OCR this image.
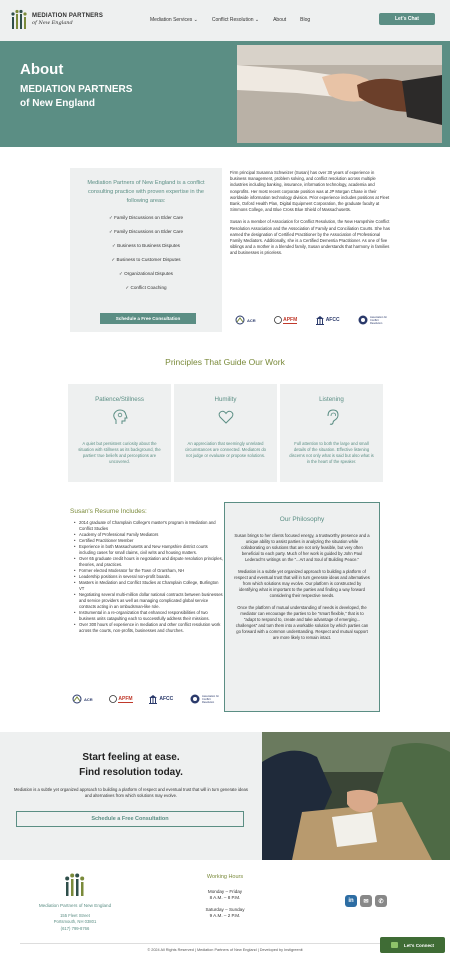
MEDIATION PARTNERS
of New England	Mediation Services ⌄	Conflict Resolution ⌄	About	Blog	Let's Chat
About
MEDIATION PARTNERS
of New England

Mediation Partners of New England is a conflict consulting practice with proven expertise in the following areas:

✓ Family Discussions on Elder Care
✓ Family Discussions on Elder Care
✓ Business to Business Disputes
✓ Business to Customer Disputes
✓ Organizational Disputes
✓ Conflict Coaching
Schedule a Free Consultation

Firm principal Susanna Schweizer (Susan) has over 30 years of experience in business management, problem solving, and conflict resolution across multiple industries including banking, insurance, information technology, academia and nonprofits. Her most recent corporate position was at JP Morgan Chase in their worldwide information technology division. Prior experience includes positions at Fleet Bank, Oxford Health Plan, Digital Equipment Corporation, the graduate faculty at Simmons College, and Blue Cross Blue Shield of Massachusetts.

Susan is a member of Association for Conflict Resolution, the New Hampshire Conflict Resolution Association and the Association of Family and Conciliation Courts. She has earned the designation of Certified Practitioner by the Association of Professional Family Mediators. Additionally, she is a Certified Dementia Practitioner. As one of five siblings and a mother in a blended family, Susan understands that harmony in families and businesses is priceless.

ACR	APFM	AFCC	Association for Conflict Resolution
Principles That Guide Our Work
Patience/Stillness

A quiet but persistent curiosity about the situation with stillness as its background, the parties' true beliefs and perceptions are uncovered.

Humility

An appreciation that seemingly unrelated circumstances are connected. Mediators do not judge or evaluate or propose solutions.

Listening

Full attention to both the large and small details of the situation. Effective listening discerns not only what is said but also what is in the heart of the speaker.

Susan's Resume Includes:
• 2014 graduate of Champlain College's master's program in Mediation and Conflict Studies
• Academy of Professional Family Mediators
• Certified Practitioner Member
• Experience in both Massachusetts and New Hampshire district courts including cases for small claims, civil writs and housing matters.
• Over 65 graduate credit hours in negotiation and dispute resolution principles, theories, and practices.
• Former elected Moderator for the Town of Grantham, NH
• Leadership positions in several non-profit boards.
• Masters in Mediation and Conflict Studies at Champlain College, Burlington VT
• Negotiating several multi-million dollar national contracts between businesses and service providers as well as managing complicated global service contracts acting in an ombudsman-like role.
• Instrumental in a re-organization that enhanced responsibilities of two business units catapulting each to successfully address their missions.
• Over 300 hours of experience in mediation and other conflict resolution work across the courts, non-profits, businesses and churches.
ACR	APFM	AFCC	Association for Conflict Resolution
Our Philosophy

Susan brings to her clients focused energy, a trustworthy presence and a unique ability to assist parties in analyzing the situation while collaborating on solutions that are not only feasible, but very often beneficial to each party. Much of her work is guided by John Paul Lederach's writings on the "...Art and Soul of Building Peace."

Mediation is a subtle yet organized approach to building a platform of respect and eventual trust that will in turn generate ideas and alternatives from which solutions may evolve. Our platform is constructed by identifying what is important to the parties and finding a way forward considering their respective needs.

Once the platform of mutual understanding of needs is developed, the mediator can encourage the parties to be "smart flexible," that is to "adapt to respond to, create and take advantage of emerging... challenges" and turn them into a workable solution by which parties can go forward with a common understanding. Respect and mutual support are more likely to remain intact.

Start feeling at ease.
Find resolution today.

Mediation is a subtle yet organized approach to building a platform of respect and eventual trust that will in turn generate ideas and alternatives from which solutions may evolve.

Schedule a Free Consultation
Mediation Partners of New England
155 Fleet Street
Portsmouth, NH 03801
(617) 799-8766
Working Hours
Monday – Friday
8 A.M. – 8 P.M.
Saturday – Sunday
9 A.M. – 2 P.M.
in	✉	✆
© 2024 All Rights Reserved | Mediation Partners of New England | Developed by Instigreenit
Let's Connect
